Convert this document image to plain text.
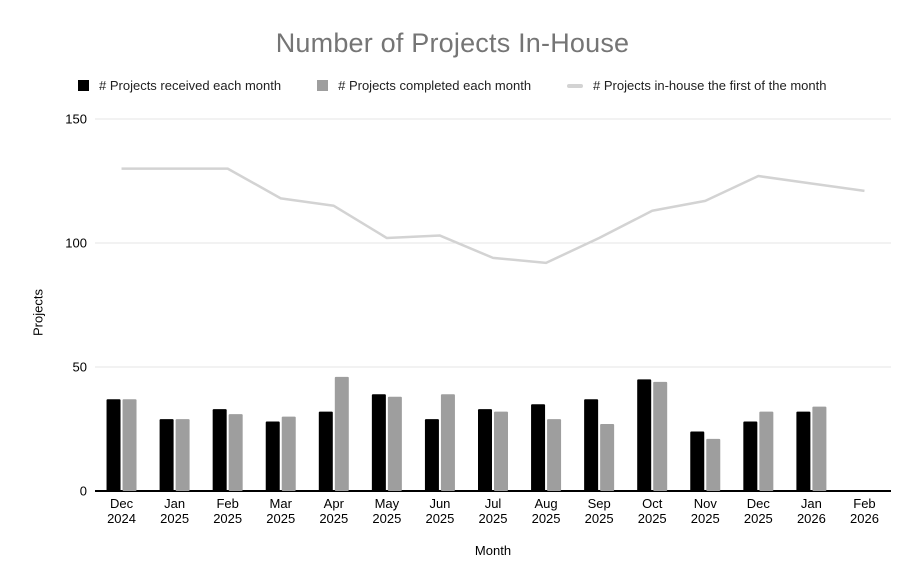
Number of Projects In-House
# Projects received each month	# Projects completed each month	# Projects in-house the first of the month
Projects
0
50
100
150
Dec 2024
Jan 2025
Feb 2025
Mar 2025
Apr 2025
May 2025
Jun 2025
Jul 2025
Aug 2025
Sep 2025
Oct 2025
Nov 2025
Dec 2025
Jan 2026
Feb 2026
Month
